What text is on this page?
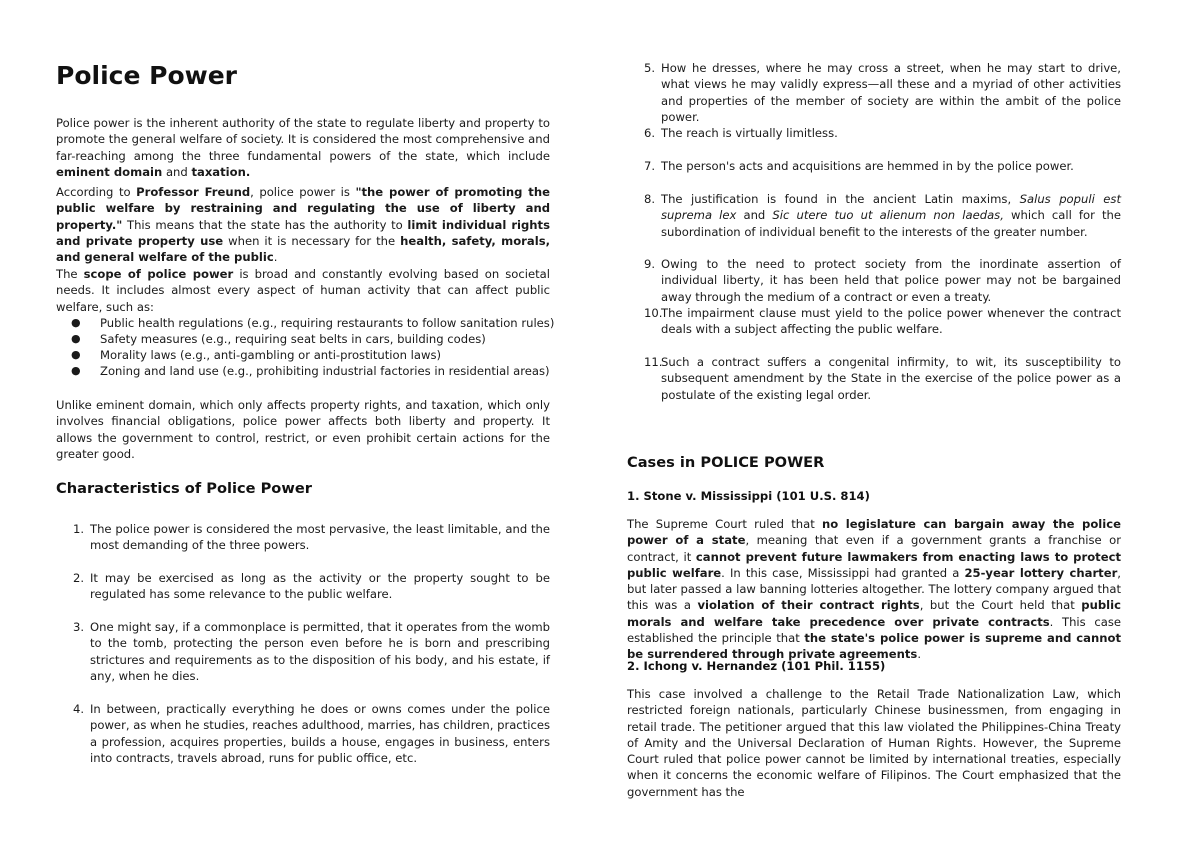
Police Power

Police power is the inherent authority of the state to regulate liberty and property to promote the general welfare of society. It is considered the most comprehensive and far-reaching among the three fundamental powers of the state, which include eminent domain and taxation.

According to Professor Freund, police power is "the power of promoting the public welfare by restraining and regulating the use of liberty and property." This means that the state has the authority to limit individual rights and private property use when it is necessary for the health, safety, morals, and general welfare of the public.

The scope of police power is broad and constantly evolving based on societal needs. It includes almost every aspect of human activity that can affect public welfare, such as:

● Public health regulations (e.g., requiring restaurants to follow sanitation rules)
● Safety measures (e.g., requiring seat belts in cars, building codes)
● Morality laws (e.g., anti-gambling or anti-prostitution laws)
● Zoning and land use (e.g., prohibiting industrial factories in residential areas)

Unlike eminent domain, which only affects property rights, and taxation, which only involves financial obligations, police power affects both liberty and property. It allows the government to control, restrict, or even prohibit certain actions for the greater good.

Characteristics of Police Power
1. The police power is considered the most pervasive, the least limitable, and the most demanding of the three powers.
2. It may be exercised as long as the activity or the property sought to be regulated has some relevance to the public welfare.
3. One might say, if a commonplace is permitted, that it operates from the womb to the tomb, protecting the person even before he is born and prescribing strictures and requirements as to the disposition of his body, and his estate, if any, when he dies.
4. In between, practically everything he does or owns comes under the police power, as when he studies, reaches adulthood, marries, has children, practices a profession, acquires properties, builds a house, engages in business, enters into contracts, travels abroad, runs for public office, etc.
5. How he dresses, where he may cross a street, when he may start to drive, what views he may validly express—all these and a myriad of other activities and properties of the member of society are within the ambit of the police power.
6. The reach is virtually limitless.
7. The person's acts and acquisitions are hemmed in by the police power.
8. The justification is found in the ancient Latin maxims, Salus populi est suprema lex and Sic utere tuo ut alienum non laedas, which call for the subordination of individual benefit to the interests of the greater number.
9. Owing to the need to protect society from the inordinate assertion of individual liberty, it has been held that police power may not be bargained away through the medium of a contract or even a treaty.
10.
The impairment clause must yield to the police power whenever the contract deals with a subject affecting the public welfare.
11.
Such a contract suffers a congenital infirmity, to wit, its susceptibility to subsequent amendment by the State in the exercise of the police power as a postulate of the existing legal order.
Cases in POLICE POWER
1. Stone v. Mississippi (101 U.S. 814)

The Supreme Court ruled that no legislature can bargain away the police power of a state, meaning that even if a government grants a franchise or contract, it cannot prevent future lawmakers from enacting laws to protect public welfare. In this case, Mississippi had granted a 25-year lottery charter, but later passed a law banning lotteries altogether. The lottery company argued that this was a violation of their contract rights, but the Court held that public morals and welfare take precedence over private contracts. This case established the principle that the state's police power is supreme and cannot be surrendered through private agreements.

2. Ichong v. Hernandez (101 Phil. 1155)

This case involved a challenge to the Retail Trade Nationalization Law, which restricted foreign nationals, particularly Chinese businessmen, from engaging in retail trade. The petitioner argued that this law violated the Philippines-China Treaty of Amity and the Universal Declaration of Human Rights. However, the Supreme Court ruled that police power cannot be limited by international treaties, especially when it concerns the economic welfare of Filipinos. The Court emphasized that the government has the
